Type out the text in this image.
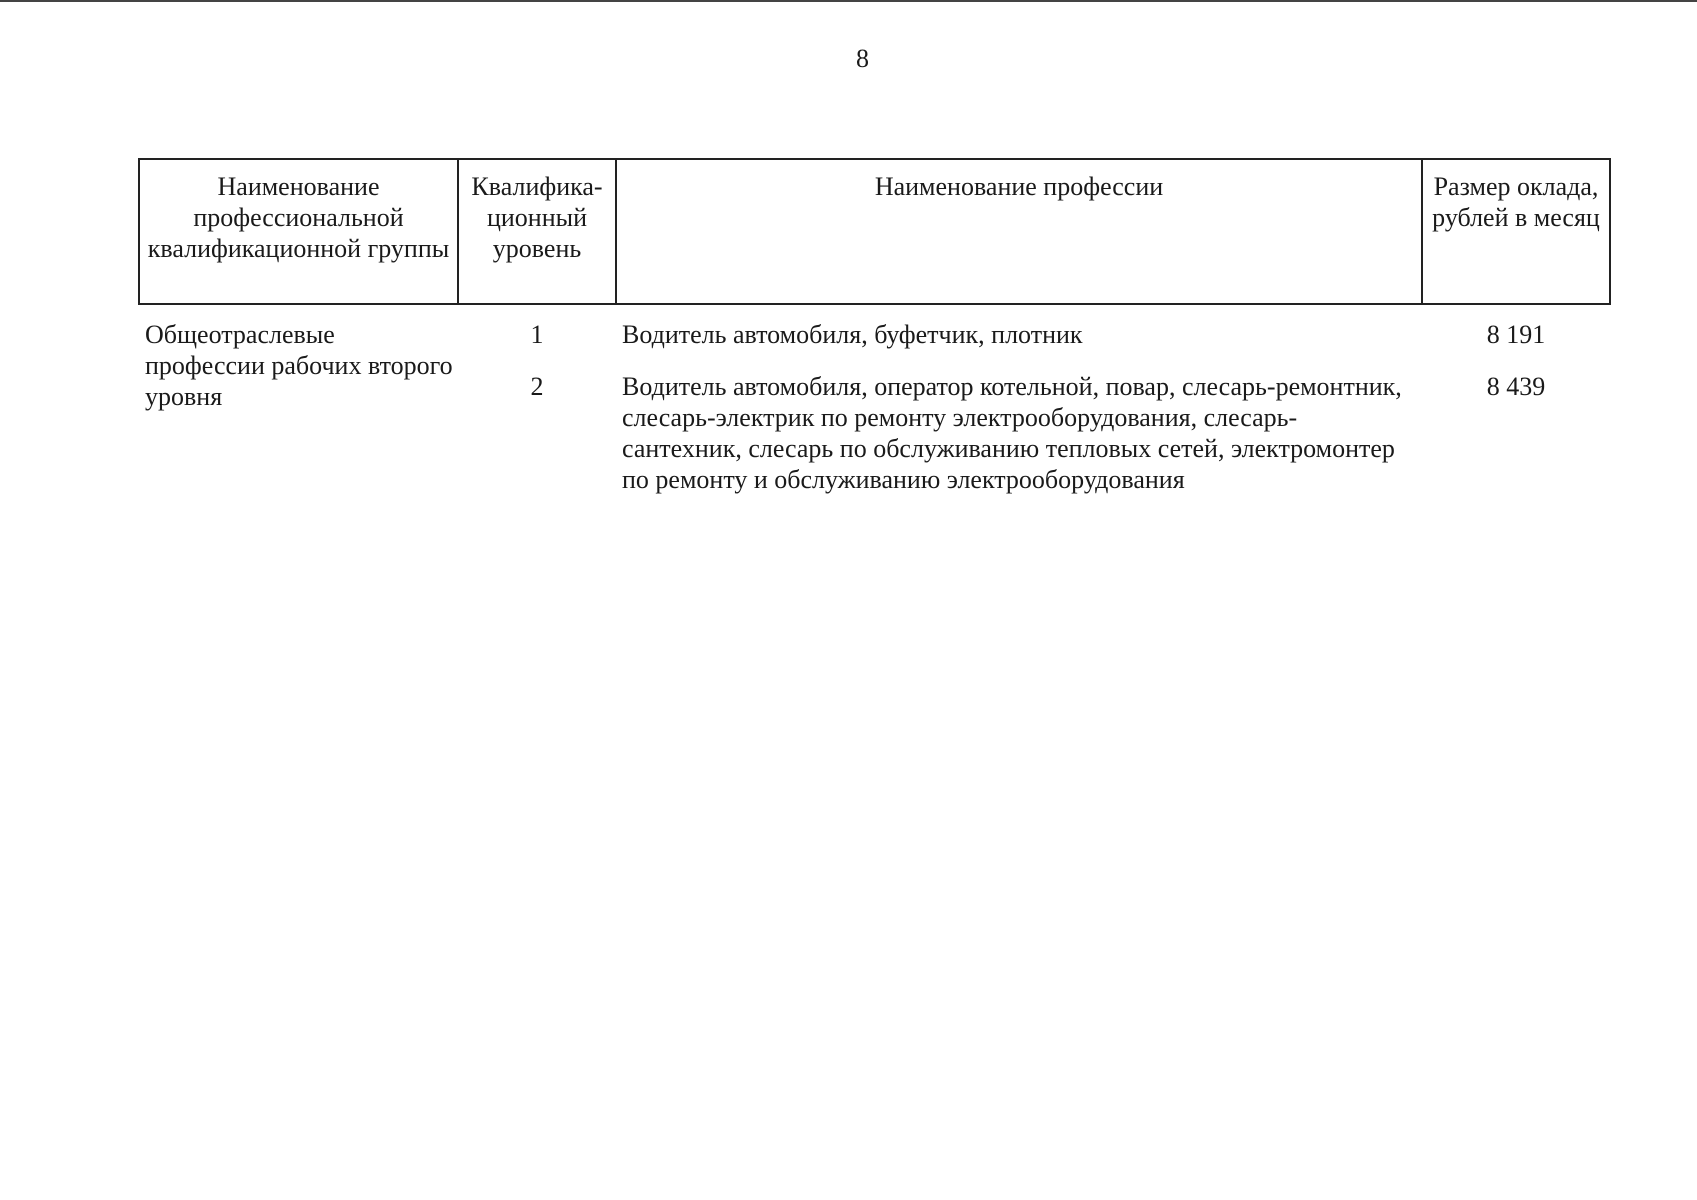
8
Наименование профессиональной квалификационной группы	Квалифика-ционный уровень	Наименование профессии	Размер оклада, рублей в месяц
Общеотраслевые профессии рабочих второго уровня	1	Водитель автомобиля, буфетчик, плотник	8 191
	2	Водитель автомобиля, оператор котельной, повар, слесарь-ремонтник, слесарь-электрик по ремонту электрооборудования, слесарь-сантехник, слесарь по обслуживанию тепловых сетей, электромонтер по ремонту и обслуживанию электрооборудования	8 439
